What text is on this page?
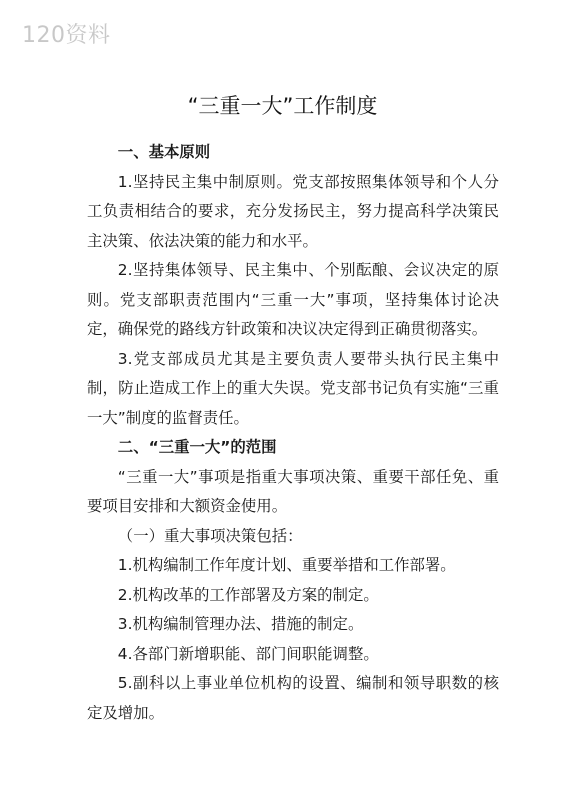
120资料
“三重一大”工作制度

一、基本原则

1.坚持民主集中制原则。党支部按照集体领导和个人分工负责相结合的要求，充分发扬民主，努力提高科学决策民主决策、依法决策的能力和水平。

2.坚持集体领导、民主集中、个别酝酿、会议决定的原则。党支部职责范围内“三重一大”事项，坚持集体讨论决定，确保党的路线方针政策和决议决定得到正确贯彻落实。

3.党支部成员尤其是主要负责人要带头执行民主集中制，防止造成工作上的重大失误。党支部书记负有实施“三重一大”制度的监督责任。

二、“三重一大”的范围

“三重一大”事项是指重大事项决策、重要干部任免、重要项目安排和大额资金使用。

（一）重大事项决策包括：

1.机构编制工作年度计划、重要举措和工作部署。

2.机构改革的工作部署及方案的制定。

3.机构编制管理办法、措施的制定。

4.各部门新增职能、部门间职能调整。

5.副科以上事业单位机构的设置、编制和领导职数的核定及增加。
